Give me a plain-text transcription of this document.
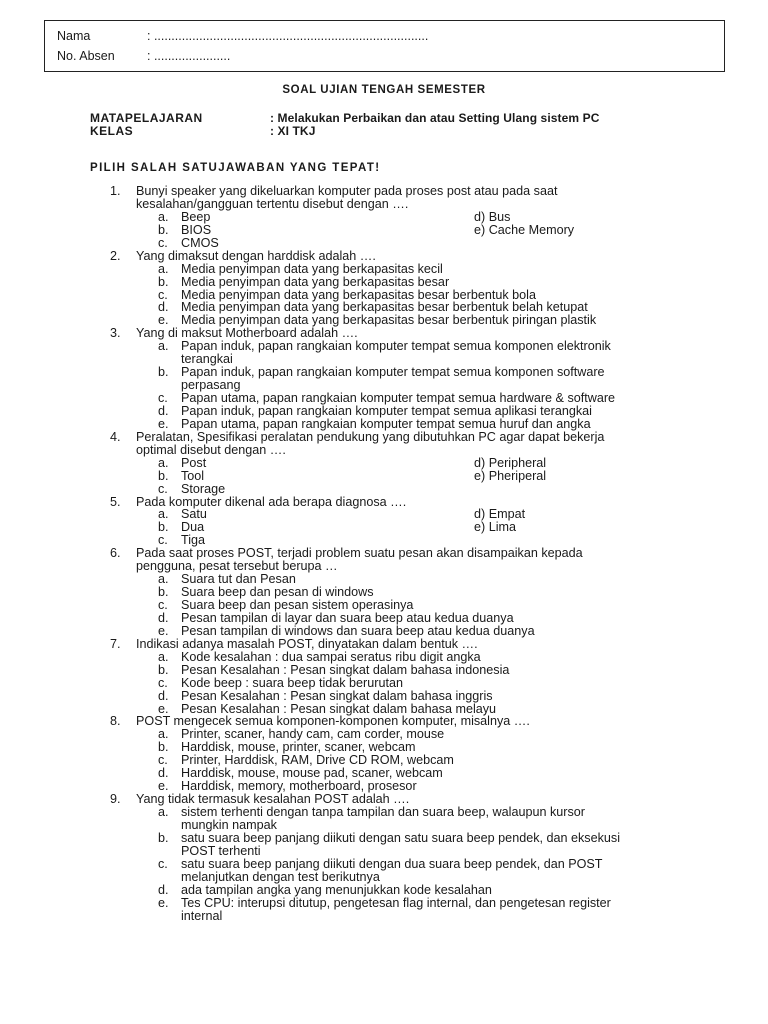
Nama	: ...............................................................................
No. Absen	: ......................
SOAL UJIAN TENGAH SEMESTER
MATAPELAJARAN	: Melakukan Perbaikan dan atau Setting Ulang sistem PC
KELAS	: XI TKJ
PILIH SALAH SATUJAWABAN YANG TEPAT!
1. Bunyi speaker yang dikeluarkan komputer pada proses post atau pada saat
kesalahan/gangguan tertentu disebut dengan ….
a. Beep	d) Bus
b. BIOS	e) Cache Memory
c. CMOS
2. Yang dimaksut dengan harddisk adalah ….
a. Media penyimpan data yang berkapasitas kecil
b. Media penyimpan data yang berkapasitas besar
c. Media penyimpan data yang berkapasitas besar berbentuk bola
d. Media penyimpan data yang berkapasitas besar berbentuk belah ketupat
e. Media penyimpan data yang berkapasitas besar berbentuk piringan plastik
3. Yang di maksut Motherboard adalah ….
a. Papan induk, papan rangkaian komputer tempat semua komponen elektronik
terangkai
b. Papan induk, papan rangkaian komputer tempat semua komponen software
perpasang
c. Papan utama, papan rangkaian komputer tempat semua hardware & software
d. Papan induk, papan rangkaian komputer tempat semua aplikasi terangkai
e. Papan utama, papan rangkaian komputer tempat semua huruf dan angka
4. Peralatan, Spesifikasi peralatan pendukung yang dibutuhkan PC agar dapat bekerja
optimal disebut dengan ….
a. Post	d) Peripheral
b. Tool	e) Pheriperal
c. Storage
5. Pada komputer dikenal ada berapa diagnosa ….
a. Satu	d) Empat
b. Dua	e) Lima
c. Tiga
6. Pada saat proses POST, terjadi problem suatu pesan akan disampaikan kepada
pengguna, pesat tersebut berupa …
a. Suara tut dan Pesan
b. Suara beep dan pesan di windows
c. Suara beep dan pesan sistem operasinya
d. Pesan tampilan di layar dan suara beep atau kedua duanya
e. Pesan tampilan di windows dan suara beep atau kedua duanya
7. Indikasi adanya masalah POST, dinyatakan dalam bentuk ….
a. Kode kesalahan : dua sampai seratus ribu digit angka
b. Pesan Kesalahan : Pesan singkat dalam bahasa indonesia
c. Kode beep : suara beep tidak berurutan
d. Pesan Kesalahan : Pesan singkat dalam bahasa inggris
e. Pesan Kesalahan : Pesan singkat dalam bahasa melayu
8. POST mengecek semua komponen-komponen komputer, misalnya ….
a. Printer, scaner, handy cam, cam corder, mouse
b. Harddisk, mouse, printer, scaner, webcam
c. Printer, Harddisk, RAM, Drive CD ROM, webcam
d. Harddisk, mouse, mouse pad, scaner, webcam
e. Harddisk, memory, motherboard, prosesor
9. Yang tidak termasuk kesalahan POST adalah ….
a. sistem terhenti dengan tanpa tampilan dan suara beep, walaupun kursor
mungkin nampak
b. satu suara beep panjang diikuti dengan satu suara beep pendek, dan eksekusi
POST terhenti
c. satu suara beep panjang diikuti dengan dua suara beep pendek, dan POST
melanjutkan dengan test berikutnya
d. ada tampilan angka yang menunjukkan kode kesalahan
e. Tes CPU: interupsi ditutup, pengetesan flag internal, dan pengetesan register
internal
